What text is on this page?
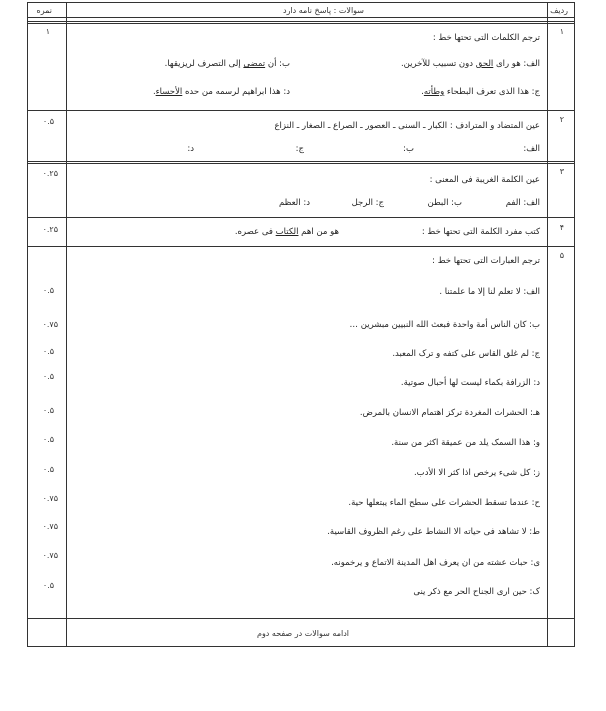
ردیف
سوالات : پاسخ نامه دارد
نمره
۱
۱
ترجم الکلمات التی تحتها خط :
الف: هو رای الحق دون تسبیب للآخرین.
ب: أن تمضی إلى التصرف لریزیقها.
ج: هذا الذی تعرف البطحاء وطأته.
د: هذا ابراهیم لرسمه من حده الأحساء.
۲
۰.۵	عین المتضاد و المترادف : الکبار ـ السنی ـ العصور ـ الصراع ـ الصغار ـ النزاع
الف:
ب:
ج:
د:
۳
۰.۲۵
عین الکلمة الغریبة فی المعنی :
الف: الفم
ب: البطن
ج: الرجل
د: العظم
۴
۰.۲۵	کتب مفرد الکلمة التی تحتها خط :
هو من اهم الکتاب فی عصره.
۵
ترجم العبارات التی تحتها خط :
الف: لا تعلم لنا إلا ما علمتنا .
۰.۵
ب: کان الناس أمة واحدة فبعث الله النبیین مبشرین …
۰.۷۵
ج: لم غلق القاس علی کتفه و ترک المعبد.
۰.۵
د: الزرافة بکماء لیست لها أحبال صوتیة.
۰.۵
هـ: الحشرات المغردة ترکز اهتمام الانسان بالمرض.
۰.۵
و: هذا السمک یلد من عمیقة اکثر من سنة.
۰.۵
ز: کل شیء یرخص اذا کثر الا الأدب.
۰.۵
ح: عندما تسقط الحشرات علی سطح الماء یبتعلها حیة.
۰.۷۵
ط: لا تشاهد فی حیاته الا النشاط علی رغم الظروف القاسیة.
۰.۷۵
ی: حبات عشته من ان یعرف اهل المدینة الاتماع و یرخمونه.
۰.۷۵
ک: حین اری الجناح الحر مع ذکر ینی
۰.۵
ادامه سوالات در صفحه دوم
